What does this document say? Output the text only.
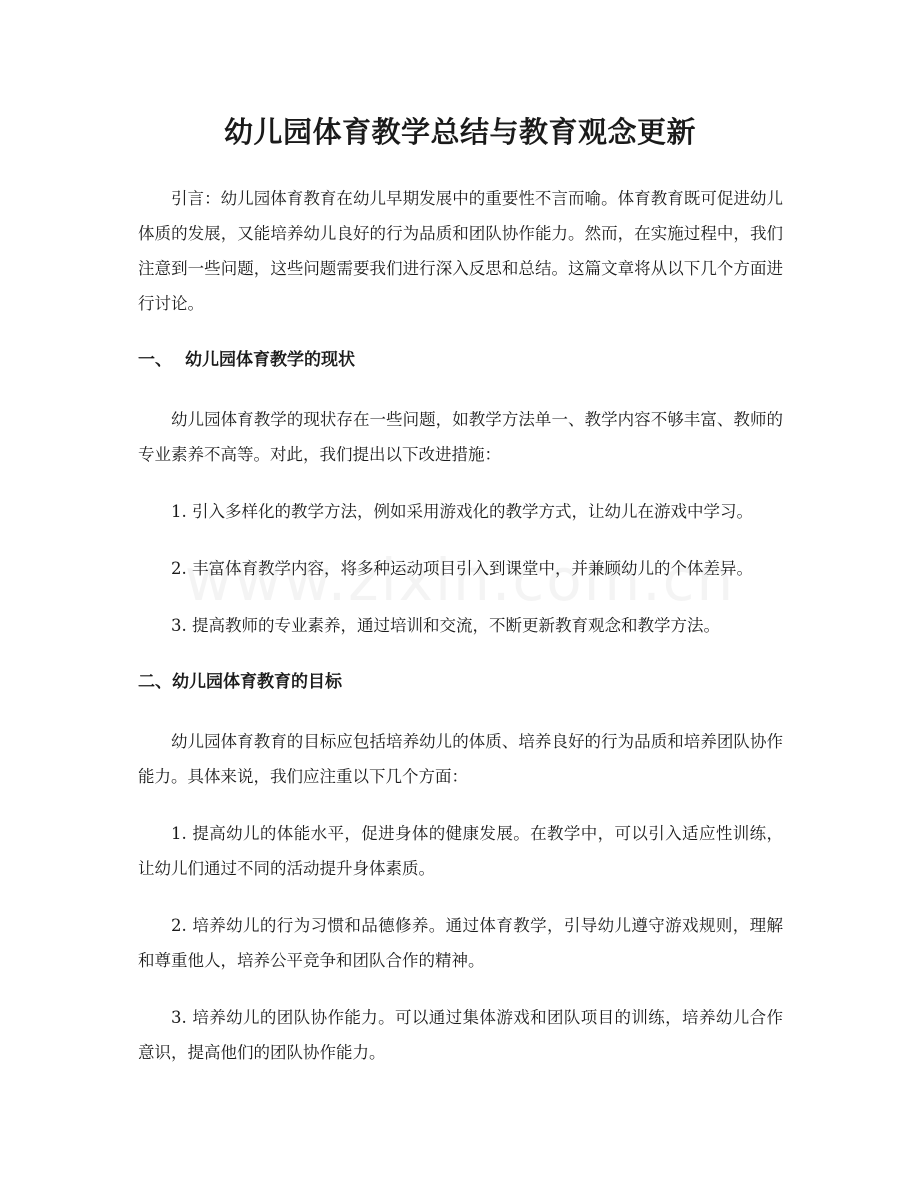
幼儿园体育教学总结与教育观念更新

引言：幼儿园体育教育在幼儿早期发展中的重要性不言而喻。体育教育既可促进幼儿体质的发展，又能培养幼儿良好的行为品质和团队协作能力。然而，在实施过程中，我们注意到一些问题，这些问题需要我们进行深入反思和总结。这篇文章将从以下几个方面进行讨论。

一、 幼儿园体育教学的现状

幼儿园体育教学的现状存在一些问题，如教学方法单一、教学内容不够丰富、教师的专业素养不高等。对此，我们提出以下改进措施：

1. 引入多样化的教学方法，例如采用游戏化的教学方式，让幼儿在游戏中学习。

2. 丰富体育教学内容，将多种运动项目引入到课堂中，并兼顾幼儿的个体差异。

3. 提高教师的专业素养，通过培训和交流，不断更新教育观念和教学方法。

二、幼儿园体育教育的目标

幼儿园体育教育的目标应包括培养幼儿的体质、培养良好的行为品质和培养团队协作能力。具体来说，我们应注重以下几个方面：

1. 提高幼儿的体能水平，促进身体的健康发展。在教学中，可以引入适应性训练，让幼儿们通过不同的活动提升身体素质。

2. 培养幼儿的行为习惯和品德修养。通过体育教学，引导幼儿遵守游戏规则，理解和尊重他人，培养公平竞争和团队合作的精神。

3. 培养幼儿的团队协作能力。可以通过集体游戏和团队项目的训练，培养幼儿合作意识，提高他们的团队协作能力。
